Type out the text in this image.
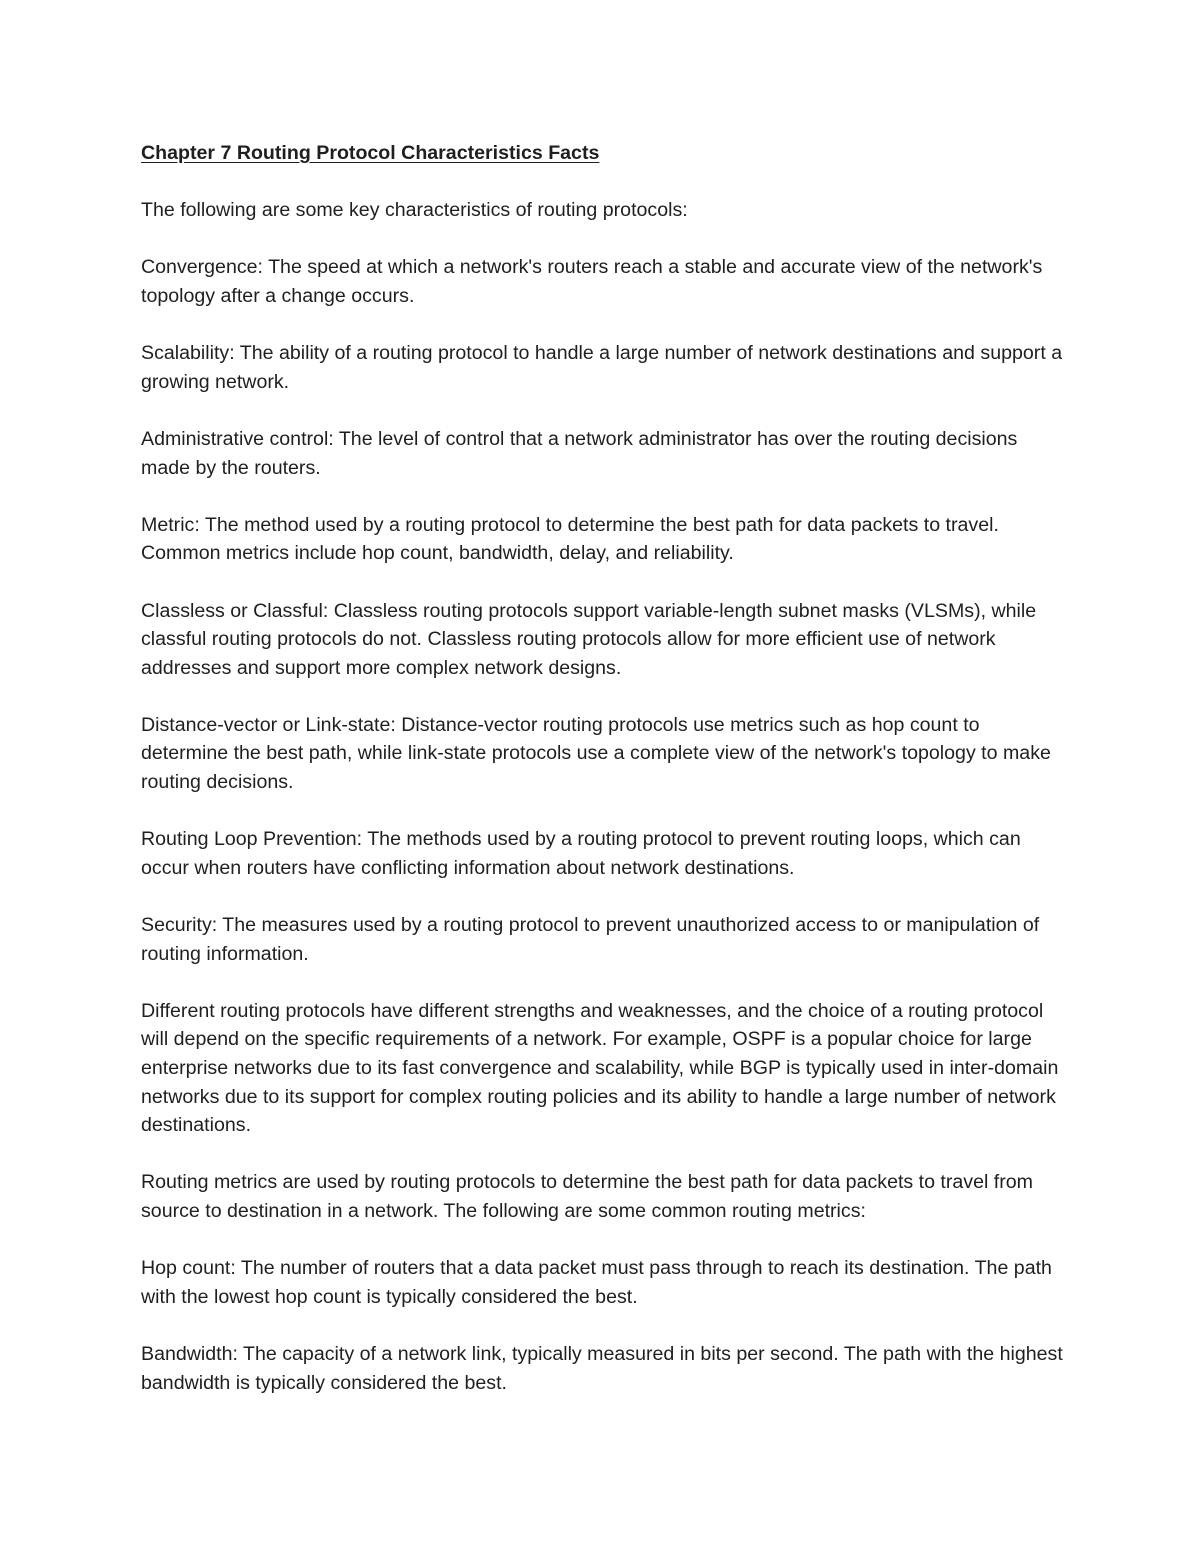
Chapter 7 Routing Protocol Characteristics Facts

The following are some key characteristics of routing protocols:

Convergence: The speed at which a network's routers reach a stable and accurate view of the network's topology after a change occurs.

Scalability: The ability of a routing protocol to handle a large number of network destinations and support a growing network.

Administrative control: The level of control that a network administrator has over the routing decisions made by the routers.

Metric: The method used by a routing protocol to determine the best path for data packets to travel. Common metrics include hop count, bandwidth, delay, and reliability.

Classless or Classful: Classless routing protocols support variable-length subnet masks (VLSMs), while classful routing protocols do not. Classless routing protocols allow for more efficient use of network addresses and support more complex network designs.

Distance-vector or Link-state: Distance-vector routing protocols use metrics such as hop count to determine the best path, while link-state protocols use a complete view of the network's topology to make routing decisions.

Routing Loop Prevention: The methods used by a routing protocol to prevent routing loops, which can occur when routers have conflicting information about network destinations.

Security: The measures used by a routing protocol to prevent unauthorized access to or manipulation of routing information.

Different routing protocols have different strengths and weaknesses, and the choice of a routing protocol will depend on the specific requirements of a network. For example, OSPF is a popular choice for large enterprise networks due to its fast convergence and scalability, while BGP is typically used in inter-domain networks due to its support for complex routing policies and its ability to handle a large number of network destinations.

Routing metrics are used by routing protocols to determine the best path for data packets to travel from source to destination in a network. The following are some common routing metrics:

Hop count: The number of routers that a data packet must pass through to reach its destination. The path with the lowest hop count is typically considered the best.

Bandwidth: The capacity of a network link, typically measured in bits per second. The path with the highest bandwidth is typically considered the best.
